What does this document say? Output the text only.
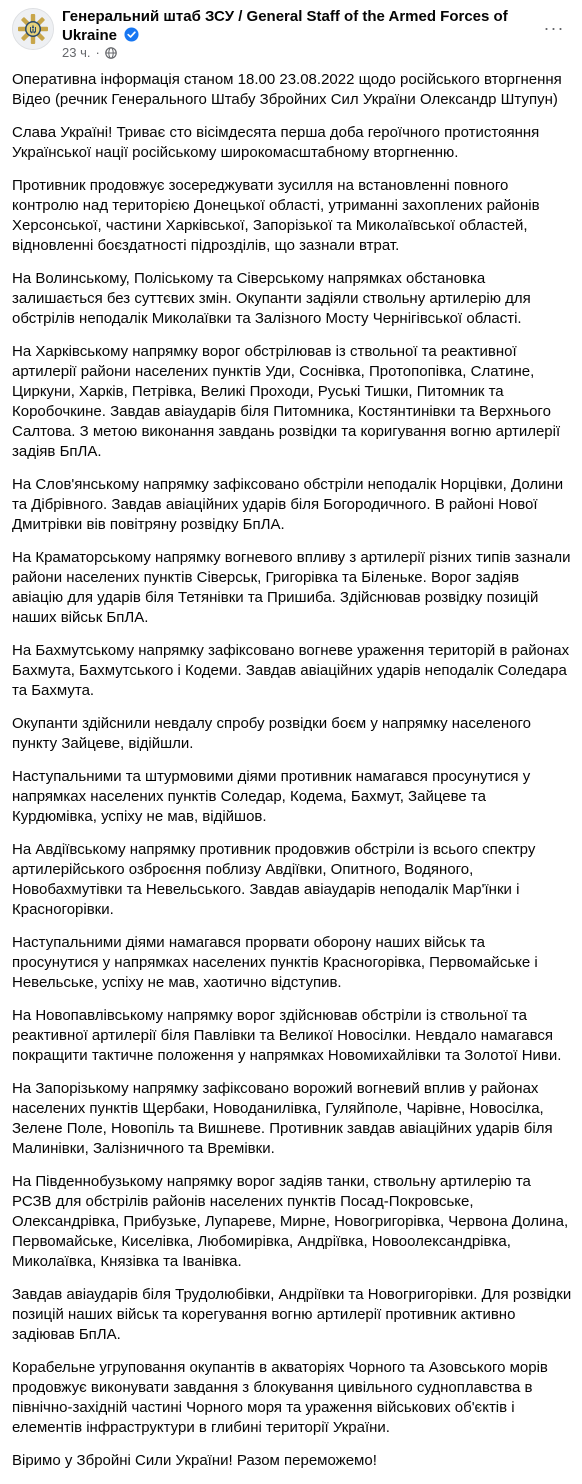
Генеральний штаб ЗСУ / General Staff of the Armed Forces of Ukraine
23 ч. ·
···

Оперативна інформація станом 18.00 23.08.2022 щодо російського вторгнення Відео (речник Генерального Штабу Збройних Сил України Олександр Штупун)

Слава Україні! Триває сто вісімдесята перша доба героїчного протистояння Української нації російському широкомасштабному вторгненню.

Противник продовжує зосереджувати зусилля на встановленні повного контролю над територією Донецької області, утриманні захоплених районів Херсонської, частини Харківської, Запорізької та Миколаївської областей, відновленні боєздатності підрозділів, що зазнали втрат.

На Волинському, Поліському та Сіверському напрямках обстановка залишається без суттєвих змін. Окупанти задіяли ствольну артилерію для обстрілів неподалік Миколаївки та Залізного Мосту Чернігівської області.

На Харківському напрямку ворог обстрілював із ствольної та реактивної артилерії райони населених пунктів Уди, Соснівка, Протопопівка, Слатине, Циркуни, Харків, Петрівка, Великі Проходи, Руські Тишки, Питомник та Коробочкине. Завдав авіаударів біля Питомника, Костянтинівки та Верхнього Салтова. З метою виконання завдань розвідки та коригування вогню артилерії задіяв БпЛА.

На Слов'янському напрямку зафіксовано обстріли неподалік Норцівки, Долини та Дібрівного. Завдав авіаційних ударів біля Богородичного. В районі Нової Дмитрівки вів повітряну розвідку БпЛА.

На Краматорському напрямку вогневого впливу з артилерії різних типів зазнали райони населених пунктів Сіверськ, Григорівка та Біленьке. Ворог задіяв авіацію для ударів біля Тетянівки та Пришиба. Здійснював розвідку позицій наших військ БпЛА.

На Бахмутському напрямку зафіксовано вогневе ураження територій в районах Бахмута, Бахмутського і Кодеми. Завдав авіаційних ударів неподалік Соледара та Бахмута.

Окупанти здійснили невдалу спробу розвідки боєм у напрямку населеного пункту Зайцеве, відійшли.

Наступальними та штурмовими діями противник намагався просунутися у напрямках населених пунктів Соледар, Кодема, Бахмут, Зайцеве та Курдюмівка, успіху не мав, відійшов.

На Авдіївському напрямку противник продовжив обстріли із всього спектру артилерійського озброєння поблизу Авдіївки, Опитного, Водяного, Новобахмутівки та Невельського. Завдав авіаударів неподалік Мар'їнки і Красногорівки.

Наступальними діями намагався прорвати оборону наших військ та просунутися у напрямках населених пунктів Красногорівка, Первомайське і Невельське, успіху не мав, хаотично відступив.

На Новопавлівському напрямку ворог здійснював обстріли із ствольної та реактивної артилерії біля Павлівки та Великої Новосілки. Невдало намагався покращити тактичне положення у напрямках Новомихайлівки та Золотої Ниви.

На Запорізькому напрямку зафіксовано ворожий вогневий вплив у районах населених пунктів Щербаки, Новоданилівка, Гуляйполе, Чарівне, Новосілка, Зелене Поле, Новопіль та Вишневе. Противник завдав авіаційних ударів біля Малинівки, Залізничного та Времівки.

На Південнобузькому напрямку ворог задіяв танки, ствольну артилерію та РСЗВ для обстрілів районів населених пунктів Посад-Покровське, Олександрівка, Прибузьке, Лупареве, Мирне, Новогригорівка, Червона Долина, Первомайське, Киселівка, Любомирівка, Андріївка, Новоолександрівка, Миколаївка, Князівка та Іванівка.

Завдав авіаударів біля Трудолюбівки, Андріївки та Новогригорівки. Для розвідки позицій наших військ та корегування вогню артилерії противник активно задіював БпЛА.

Корабельне угруповання окупантів в акваторіях Чорного та Азовського морів продовжує виконувати завдання з блокування цивільного судноплавства в північно-західній частині Чорного моря та ураження військових об'єктів і елементів інфраструктури в глибині території України.

Віримо у Збройні Сили України! Разом переможемо!
